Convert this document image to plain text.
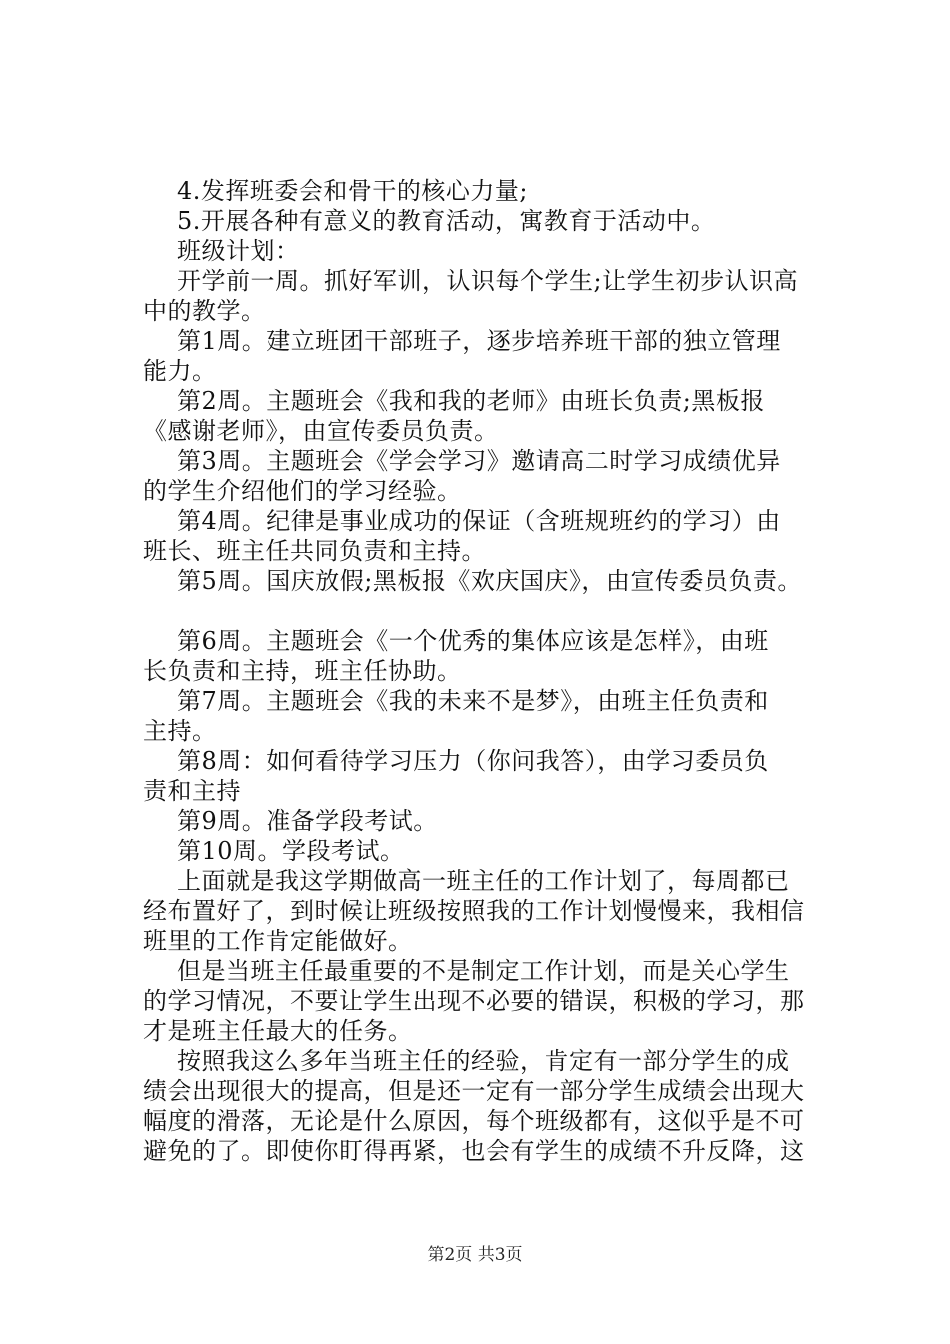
4.发挥班委会和骨干的核心力量;
5.开展各种有意义的教育活动，寓教育于活动中。
班级计划：
开学前一周。抓好军训，认识每个学生;让学生初步认识高
中的教学。
第1周。建立班团干部班子，逐步培养班干部的独立管理
能力。
第2周。主题班会《我和我的老师》由班长负责;黑板报
《感谢老师》，由宣传委员负责。
第3周。主题班会《学会学习》邀请高二时学习成绩优异
的学生介绍他们的学习经验。
第4周。纪律是事业成功的保证（含班规班约的学习）由
班长、班主任共同负责和主持。
第5周。国庆放假;黑板报《欢庆国庆》，由宣传委员负责。
第6周。主题班会《一个优秀的集体应该是怎样》，由班
长负责和主持，班主任协助。
第7周。主题班会《我的未来不是梦》，由班主任负责和
主持。
第8周：如何看待学习压力（你问我答），由学习委员负
责和主持
第9周。准备学段考试。
第10周。学段考试。
上面就是我这学期做高一班主任的工作计划了，每周都已
经布置好了，到时候让班级按照我的工作计划慢慢来，我相信
班里的工作肯定能做好。
但是当班主任最重要的不是制定工作计划，而是关心学生
的学习情况，不要让学生出现不必要的错误，积极的学习，那
才是班主任最大的任务。
按照我这么多年当班主任的经验，肯定有一部分学生的成
绩会出现很大的提高，但是还一定有一部分学生成绩会出现大
幅度的滑落，无论是什么原因，每个班级都有，这似乎是不可
避免的了。即使你盯得再紧，也会有学生的成绩不升反降，这
第2页 共3页
